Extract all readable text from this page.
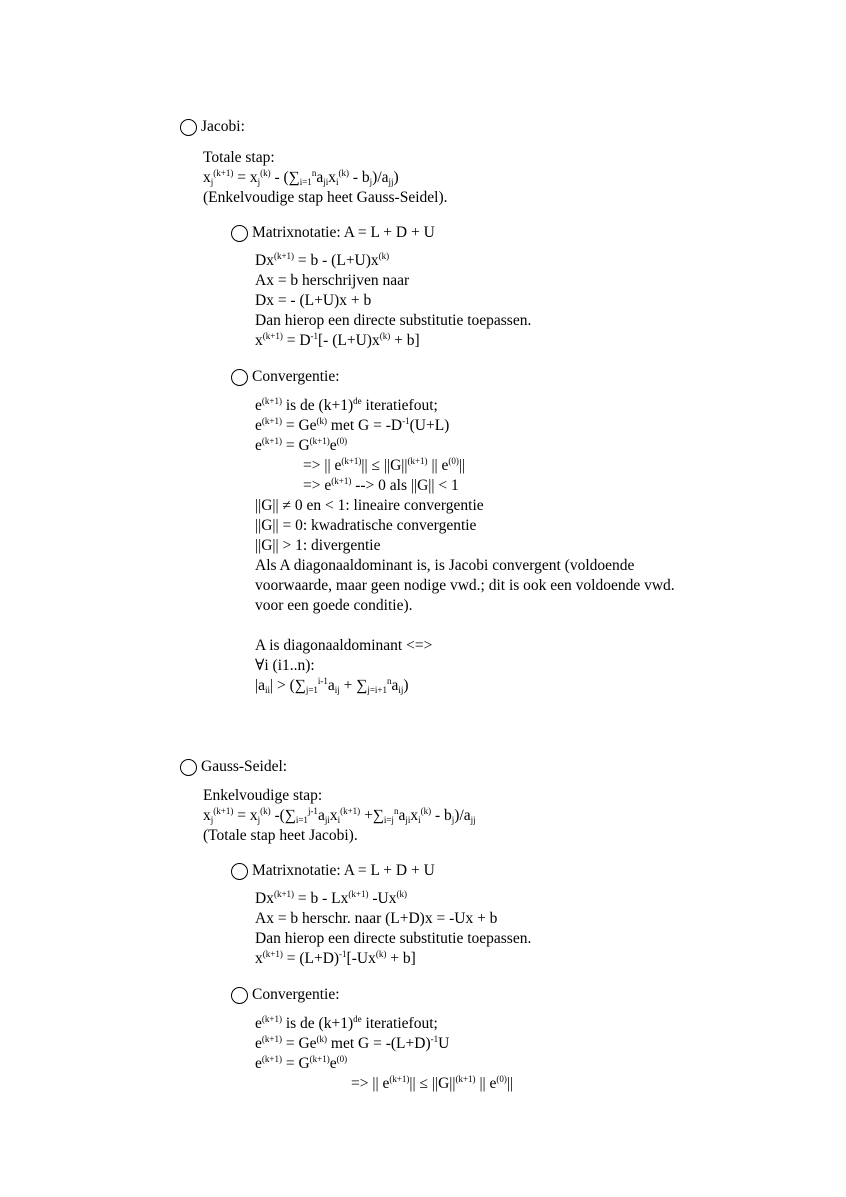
Jacobi:
Totale stap:
$x_j^{(k+1)} = x_j^{(k)} - (\sum_{i=1}^na_{ji}x_i^{(k)} - b_j)/a_{jj}$)
(Enkelvoudige stap heet Gauss-Seidel).
Matrixnotatie: A = L + D + U
$Dx^{(k+1)} = b - (L+U)x^{(k)}$
Ax = b herschrijven naar
Dx = - (L+U)x + b
Dan hierop een directe substitutie toepassen.
$x^{(k+1)} = D^{-1}[-$ $(L+U)x^{(k)} + b$]
Convergentie:
$e^{(k+1)}$ is de $(k+1)^{de}$ iteratiefout;
$e^{(k+1)} = Ge^{(k)}$ met $G = -D^{-1}(U+L)$
$e^{(k+1)} = G^{(k+1)}e^{(0)}$
=> || $e^{(k+1)}|| \le ||G||^{(k+1)}$ || $e^{(0)}||$
=> $e^{(k+1)}$ --> 0 als ||G|| < 1
||G|| ≠ 0 en < 1: lineaire convergentie
||G|| = 0: kwadratische convergentie
||G|| > 1: divergentie
Als A diagonaaldominant is, is Jacobi convergent (voldoende
voorwaarde, maar geen nodige vwd.; dit is ook een voldoende vwd.
voor een goede conditie).
A is diagonaaldominant <=>
∀i (i1..n):
$|a_{ii}| > (\sum_{j=1}^{i-1}a_{ij} + \sum_{j=i+1}^na_{ij})$
Gauss-Seidel:
Enkelvoudige stap:
$x_j^{(k+1)} = x_j^{(k)}$ $-(\sum_{i=1}^{j-1}a_{ji}x_i^{(k+1)} +\sum_{i=j}^na_{ji}x_i^{(k)} - b_j)/a_{jj}$
(Totale stap heet Jacobi).
Matrixnotatie: A = L + D + U
$Dx^{(k+1)} = b - Lx^{(k+1)}$ -Ux$^{(k)}$
Ax = b herschr. naar (L+D)x = -Ux + b
Dan hierop een directe substitutie toepassen.
$x^{(k+1)} = (L+D)^{-1}[-Ux^{(k)} + b]$
Convergentie:
$e^{(k+1)}$ is de $(k+1)^{de}$ iteratiefout;
$e^{(k+1)} = Ge^{(k)}$ met $G = -(L+D)^{-1}U$
$e^{(k+1)} = G^{(k+1)}e^{(0)}$
=> || $e^{(k+1)}|| \le ||G||^{(k+1)}$ || $e^{(0)}||$
